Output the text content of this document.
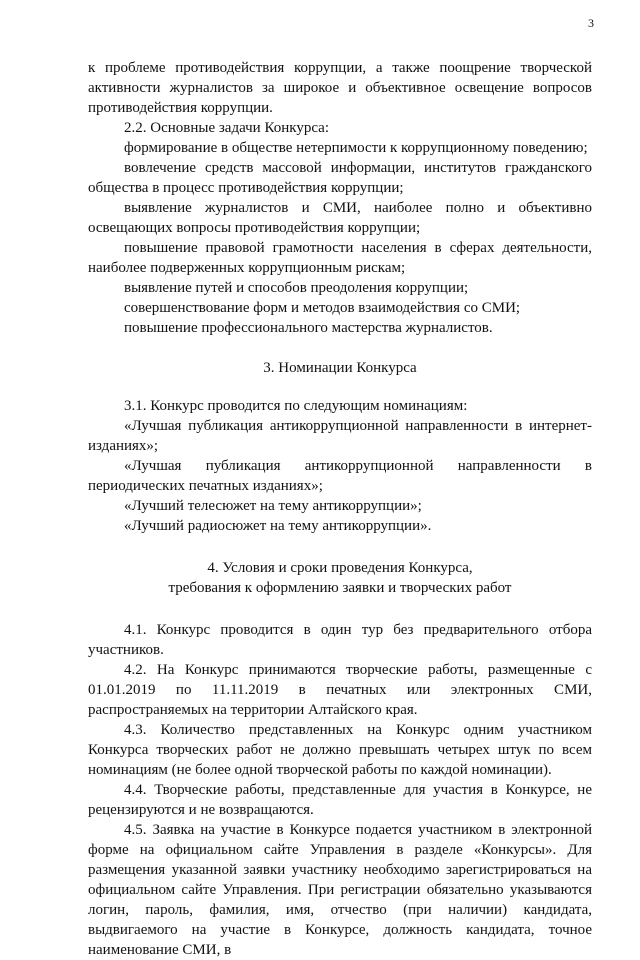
3

к проблеме противодействия коррупции, а также поощрение творческой активности журналистов за широкое и объективное освещение вопросов противодействия коррупции.

2.2. Основные задачи Конкурса:

формирование в обществе нетерпимости к коррупционному поведению;

вовлечение средств массовой информации, институтов гражданского общества в процесс противодействия коррупции;

выявление журналистов и СМИ, наиболее полно и объективно освещающих вопросы противодействия коррупции;

повышение правовой грамотности населения в сферах деятельности, наиболее подверженных коррупционным рискам;

выявление путей и способов преодоления коррупции;

совершенствование форм и методов взаимодействия со СМИ;

повышение профессионального мастерства журналистов.

3. Номинации Конкурса

3.1. Конкурс проводится по следующим номинациям:

«Лучшая публикация антикоррупционной направленности в интернет-изданиях»;

«Лучшая публикация антикоррупционной направленности в периодических печатных изданиях»;

«Лучший телесюжет на тему антикоррупции»;

«Лучший радиосюжет на тему антикоррупции».

4. Условия и сроки проведения Конкурса,

требования к оформлению заявки и творческих работ

4.1. Конкурс проводится в один тур без предварительного отбора участников.

4.2. На Конкурс принимаются творческие работы, размещенные с 01.01.2019 по 11.11.2019 в печатных или электронных СМИ, распространяемых на территории Алтайского края.

4.3. Количество представленных на Конкурс одним участником Конкурса творческих работ не должно превышать четырех штук по всем номинациям (не более одной творческой работы по каждой номинации).

4.4. Творческие работы, представленные для участия в Конкурсе, не рецензируются и не возвращаются.

4.5. Заявка на участие в Конкурсе подается участником в электронной форме на официальном сайте Управления в разделе «Конкурсы». Для размещения указанной заявки участнику необходимо зарегистрироваться на официальном сайте Управления. При регистрации обязательно указываются логин, пароль, фамилия, имя, отчество (при наличии) кандидата, выдвигаемого на участие в Конкурсе, должность кандидата, точное наименование СМИ, в
